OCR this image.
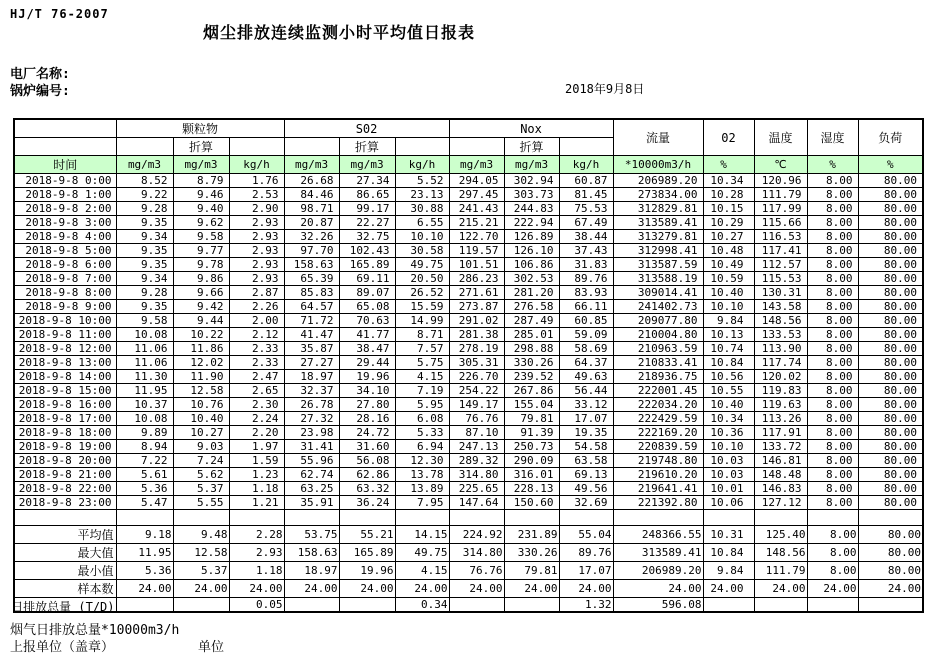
HJ/T 76-2007
烟尘排放连续监测小时平均值日报表
电厂名称:
锅炉编号:	2018年9月8日
	颗粒物			S02			Nox			流量	02	温度	湿度	负荷
		折算			折算			折算						
时间	mg/m3	mg/m3	kg/h	mg/m3	mg/m3	kg/h	mg/m3	mg/m3	kg/h	*10000m3/h	%	℃	%	%
2018-9-8 0:00	8.52	8.79	1.76	26.68	27.34	5.52	294.05	302.94	60.87	206989.20	10.34	120.96	8.00	80.00
2018-9-8 1:00	9.22	9.46	2.53	84.46	86.65	23.13	297.45	303.73	81.45	273834.00	10.28	111.79	8.00	80.00
2018-9-8 2:00	9.28	9.40	2.90	98.71	99.17	30.88	241.43	244.83	75.53	312829.81	10.15	117.99	8.00	80.00
2018-9-8 3:00	9.35	9.62	2.93	20.87	22.27	6.55	215.21	222.94	67.49	313589.41	10.29	115.66	8.00	80.00
2018-9-8 4:00	9.34	9.58	2.93	32.26	32.75	10.10	122.70	126.89	38.44	313279.81	10.27	116.53	8.00	80.00
2018-9-8 5:00	9.35	9.77	2.93	97.70	102.43	30.58	119.57	126.10	37.43	312998.41	10.48	117.41	8.00	80.00
2018-9-8 6:00	9.35	9.78	2.93	158.63	165.89	49.75	101.51	106.86	31.83	313587.59	10.49	112.57	8.00	80.00
2018-9-8 7:00	9.34	9.86	2.93	65.39	69.11	20.50	286.23	302.53	89.76	313588.19	10.59	115.53	8.00	80.00
2018-9-8 8:00	9.28	9.66	2.87	85.83	89.07	26.52	271.61	281.20	83.93	309014.41	10.40	130.31	8.00	80.00
2018-9-8 9:00	9.35	9.42	2.26	64.57	65.08	15.59	273.87	276.58	66.11	241402.73	10.10	143.58	8.00	80.00
2018-9-8 10:00	9.58	9.44	2.00	71.72	70.63	14.99	291.02	287.49	60.85	209077.80	9.84	148.56	8.00	80.00
2018-9-8 11:00	10.08	10.22	2.12	41.47	41.77	8.71	281.38	285.01	59.09	210004.80	10.13	133.53	8.00	80.00
2018-9-8 12:00	11.06	11.86	2.33	35.87	38.47	7.57	278.19	298.88	58.69	210963.59	10.74	113.90	8.00	80.00
2018-9-8 13:00	11.06	12.02	2.33	27.27	29.44	5.75	305.31	330.26	64.37	210833.41	10.84	117.74	8.00	80.00
2018-9-8 14:00	11.30	11.90	2.47	18.97	19.96	4.15	226.70	239.52	49.63	218936.75	10.56	120.02	8.00	80.00
2018-9-8 15:00	11.95	12.58	2.65	32.37	34.10	7.19	254.22	267.86	56.44	222001.45	10.55	119.83	8.00	80.00
2018-9-8 16:00	10.37	10.76	2.30	26.78	27.80	5.95	149.17	155.04	33.12	222034.20	10.40	119.63	8.00	80.00
2018-9-8 17:00	10.08	10.40	2.24	27.32	28.16	6.08	76.76	79.81	17.07	222429.59	10.34	113.26	8.00	80.00
2018-9-8 18:00	9.89	10.27	2.20	23.98	24.72	5.33	87.10	91.39	19.35	222169.20	10.36	117.91	8.00	80.00
2018-9-8 19:00	8.94	9.03	1.97	31.41	31.60	6.94	247.13	250.73	54.58	220839.59	10.10	133.72	8.00	80.00
2018-9-8 20:00	7.22	7.24	1.59	55.96	56.08	12.30	289.32	290.09	63.58	219748.80	10.03	146.81	8.00	80.00
2018-9-8 21:00	5.61	5.62	1.23	62.74	62.86	13.78	314.80	316.01	69.13	219610.20	10.03	148.48	8.00	80.00
2018-9-8 22:00	5.36	5.37	1.18	63.25	63.32	13.89	225.65	228.13	49.56	219641.41	10.01	146.83	8.00	80.00
2018-9-8 23:00	5.47	5.55	1.21	35.91	36.24	7.95	147.64	150.60	32.69	221392.80	10.06	127.12	8.00	80.00

平均值	9.18	9.48	2.28	53.75	55.21	14.15	224.92	231.89	55.04	248366.55	10.31	125.40	8.00	80.00
最大值	11.95	12.58	2.93	158.63	165.89	49.75	314.80	330.26	89.76	313589.41	10.84	148.56	8.00	80.00
最小值	5.36	5.37	1.18	18.97	19.96	4.15	76.76	79.81	17.07	206989.20	9.84	111.79	8.00	80.00
样本数	24.00	24.00	24.00	24.00	24.00	24.00	24.00	24.00	24.00	24.00	24.00	24.00	24.00	24.00

日排放总量 (T/D)			0.05			0.34			1.32	596.08				
烟气日排放总量*10000m3/h
上报单位（盖章）	单位
